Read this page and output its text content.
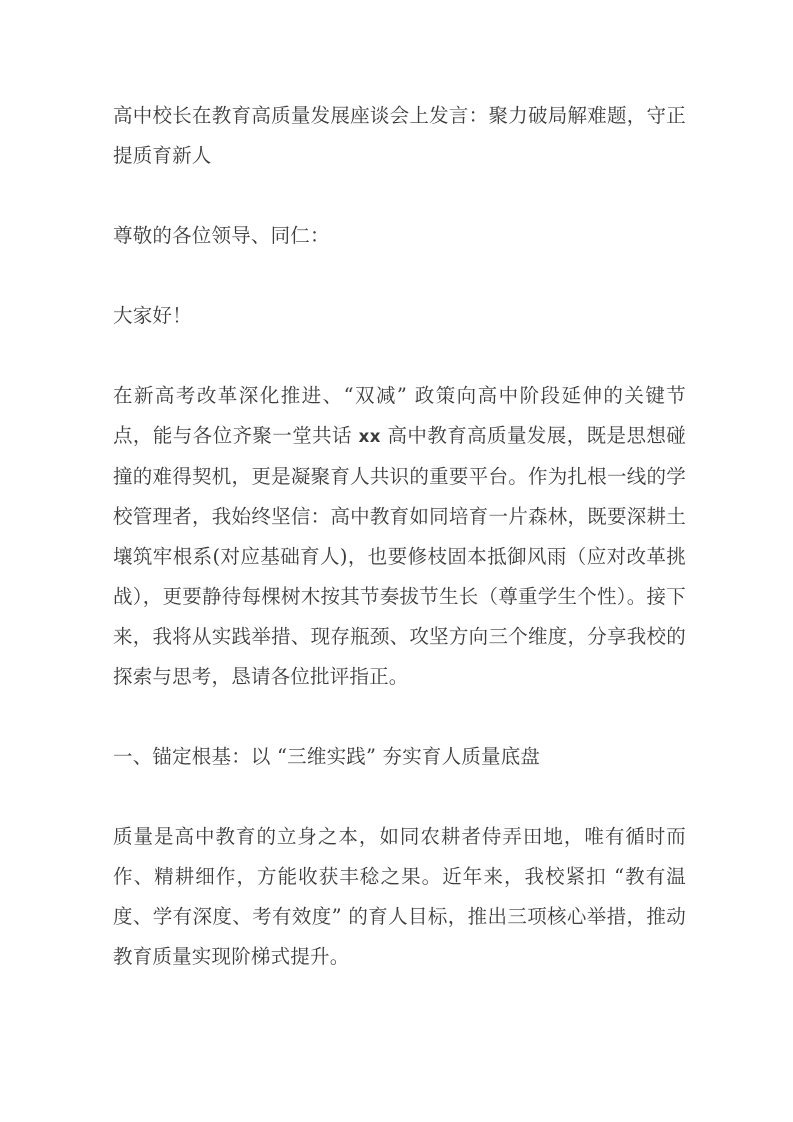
高中校长在教育高质量发展座谈会上发言：聚力破局解难题，守正提质育新人

尊敬的各位领导、同仁：

大家好！

在新高考改革深化推进、“双减” 政策向高中阶段延伸的关键节点，能与各位齐聚一堂共话 xx 高中教育高质量发展，既是思想碰撞的难得契机，更是凝聚育人共识的重要平台。作为扎根一线的学校管理者，我始终坚信：高中教育如同培育一片森林，既要深耕土壤筑牢根系(对应基础育人)，也要修枝固本抵御风雨（应对改革挑战），更要静待每棵树木按其节奏拔节生长（尊重学生个性）。接下来，我将从实践举措、现存瓶颈、攻坚方向三个维度，分享我校的探索与思考，恳请各位批评指正。

一、锚定根基：以 “三维实践” 夯实育人质量底盘

质量是高中教育的立身之本，如同农耕者侍弄田地，唯有循时而作、精耕细作，方能收获丰稔之果。近年来，我校紧扣 “教有温度、学有深度、考有效度” 的育人目标，推出三项核心举措，推动教育质量实现阶梯式提升。
